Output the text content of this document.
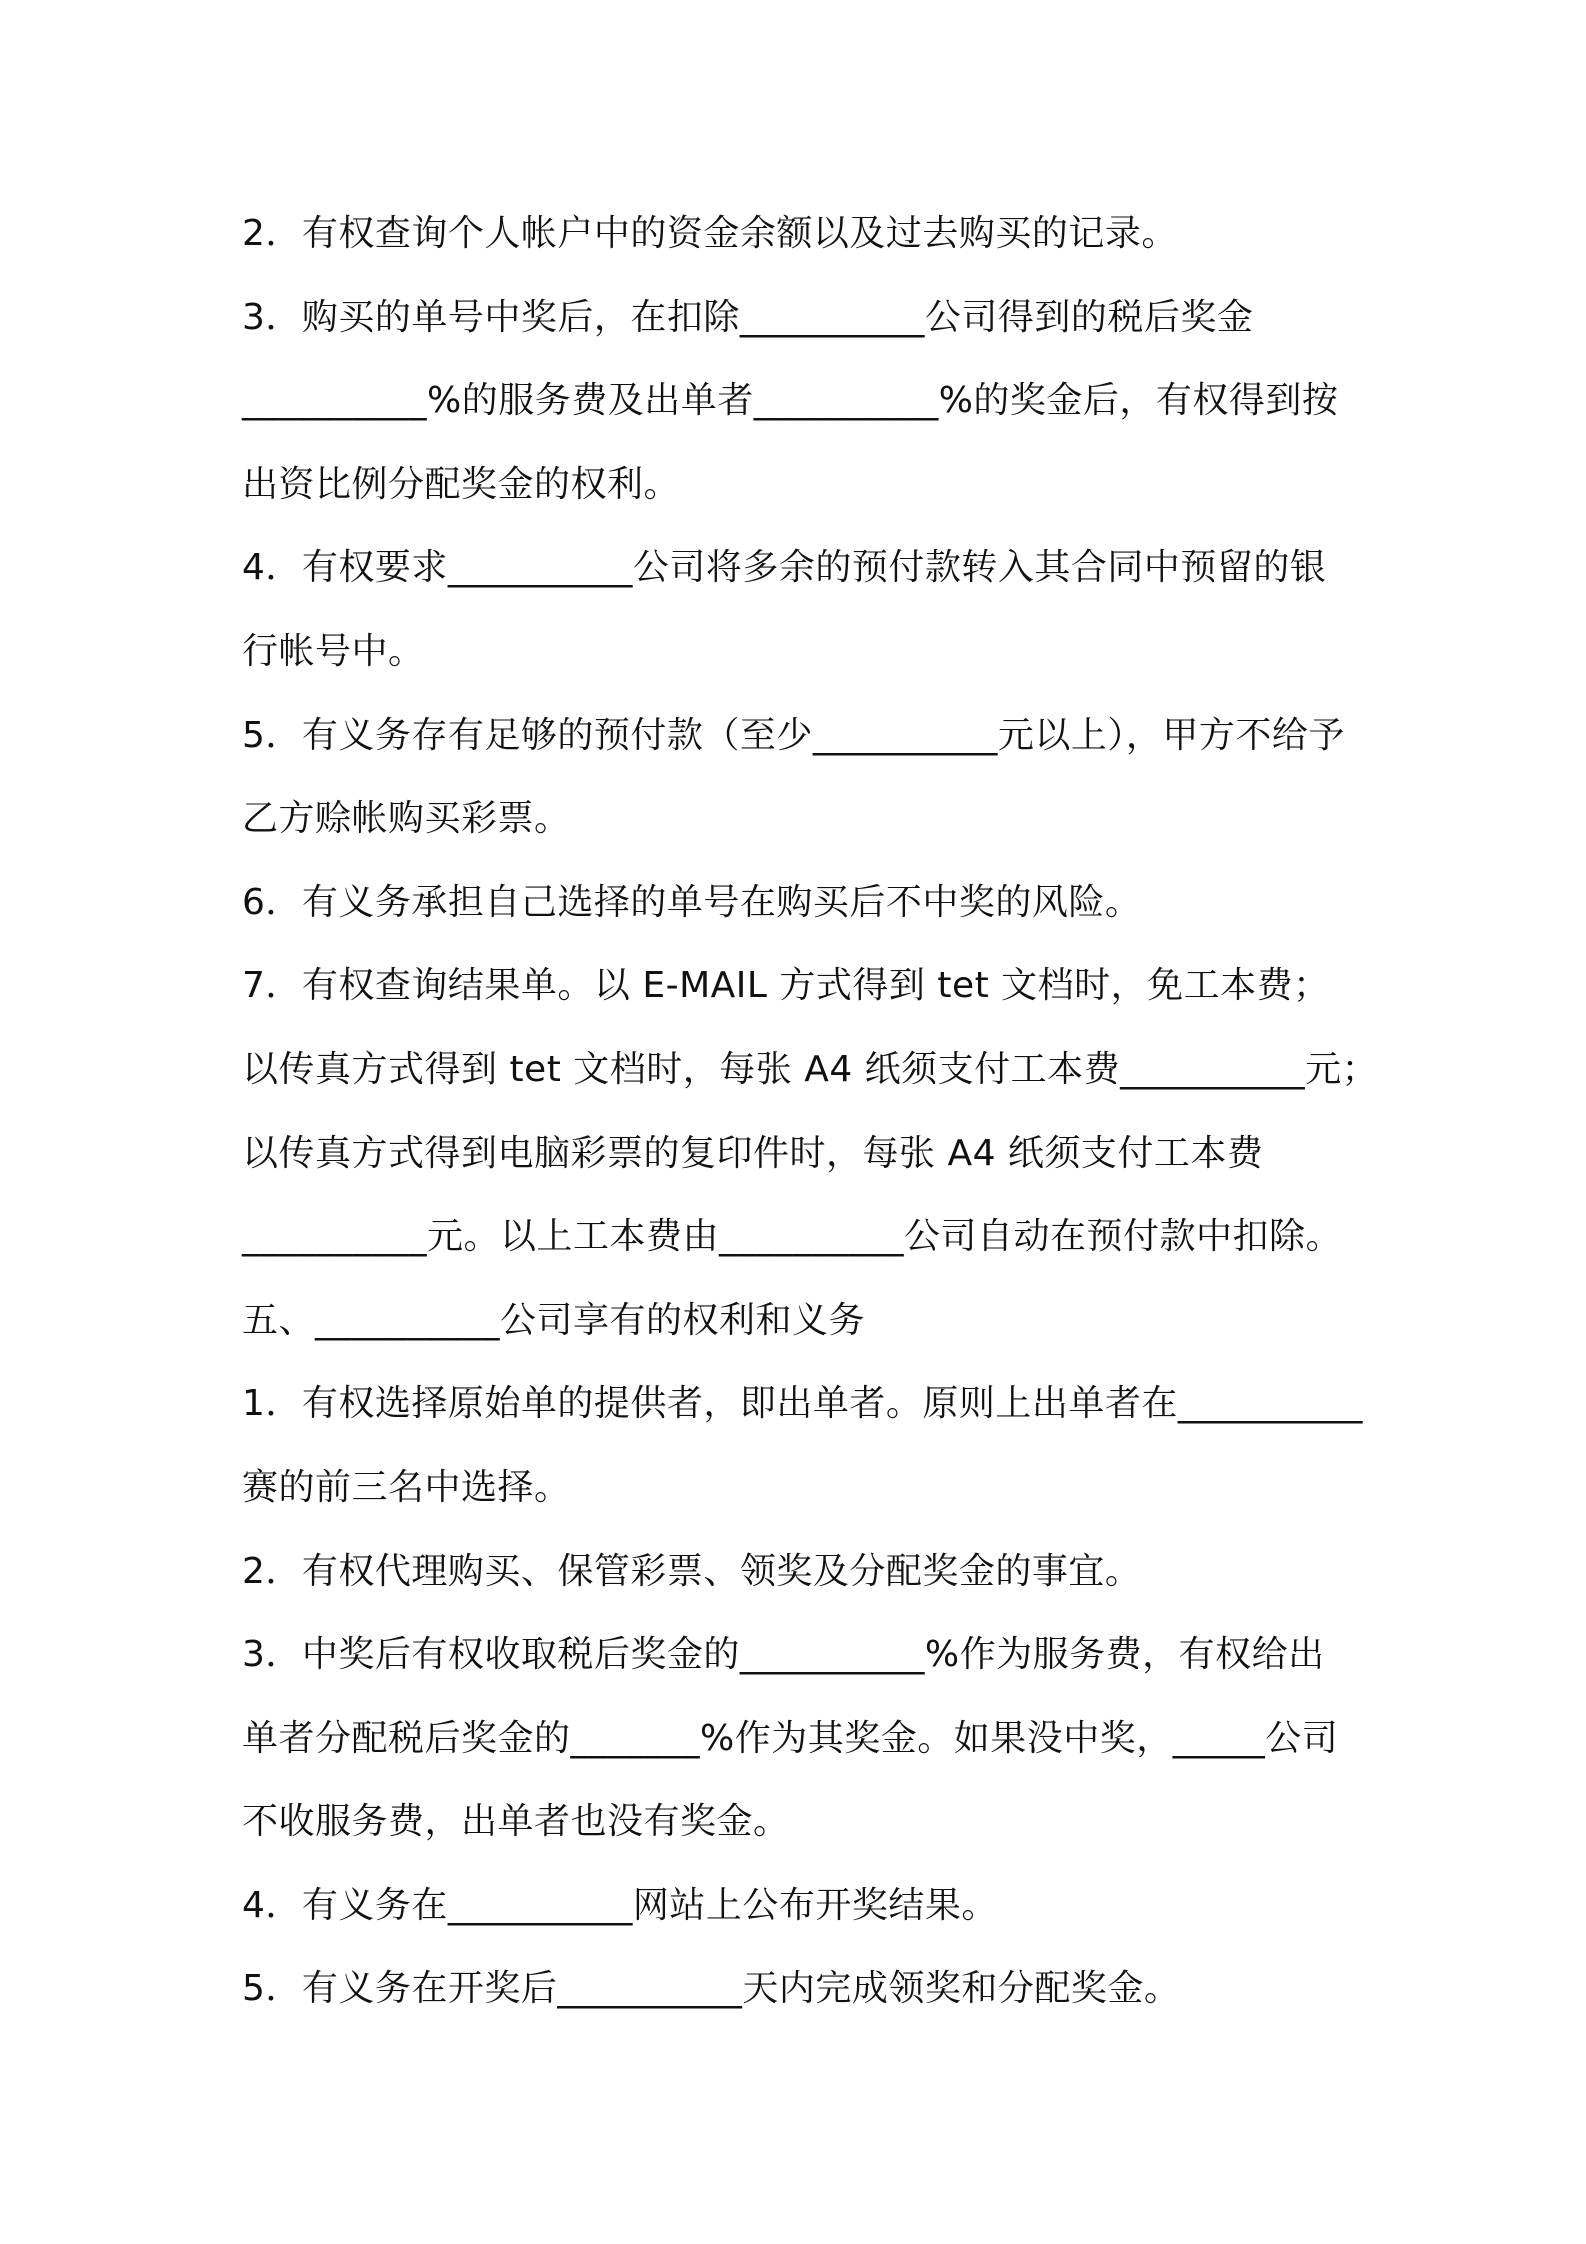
2．有权查询个人帐户中的资金余额以及过去购买的记录。
3．购买的单号中奖后，在扣除__________公司得到的税后奖金
__________%的服务费及出单者__________%的奖金后，有权得到按
出资比例分配奖金的权利。
4．有权要求__________公司将多余的预付款转入其合同中预留的银
行帐号中。
5．有义务存有足够的预付款（至少__________元以上），甲方不给予
乙方赊帐购买彩票。
6．有义务承担自己选择的单号在购买后不中奖的风险。
7．有权查询结果单。以 E-MAIL 方式得到 tet 文档时，免工本费；
以传真方式得到 tet 文档时，每张 A4 纸须支付工本费__________元；
以传真方式得到电脑彩票的复印件时，每张 A4 纸须支付工本费
__________元。以上工本费由__________公司自动在预付款中扣除。
五、__________公司享有的权利和义务
1．有权选择原始单的提供者，即出单者。原则上出单者在__________
赛的前三名中选择。
2．有权代理购买、保管彩票、领奖及分配奖金的事宜。
3．中奖后有权收取税后奖金的__________%作为服务费，有权给出
单者分配税后奖金的_______%作为其奖金。如果没中奖，_____公司
不收服务费，出单者也没有奖金。
4．有义务在__________网站上公布开奖结果。
5．有义务在开奖后__________天内完成领奖和分配奖金。
